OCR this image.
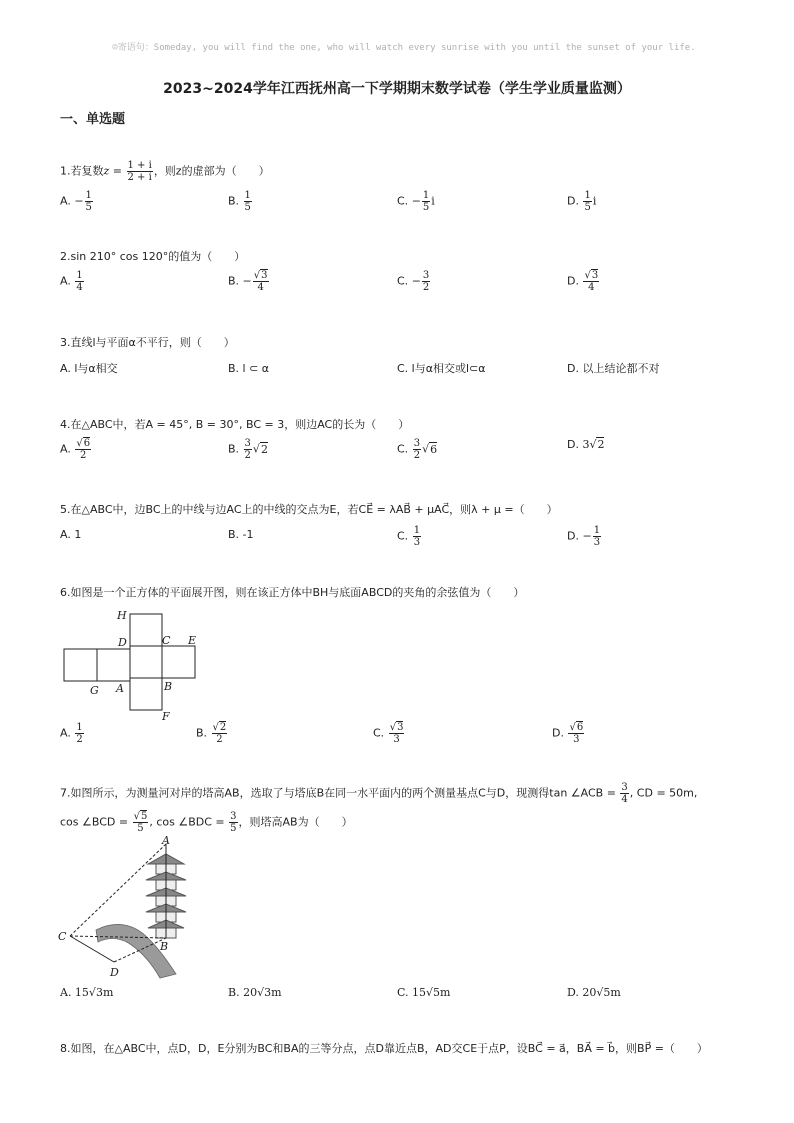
☺寄语句：Someday, you will find the one, who will watch every sunrise with you until the sunset of your life.
2023~2024学年江西抚州高一下学期期末数学试卷（学生学业质量监测）
一、单选题
1.若复数$z = \frac{1 + i}{2 + i}$ ，则z的虚部为（　　）
A. − $\frac{1}{5}$	B. $\frac{1}{5}$	C. − $\frac{1}{5}$ i	D. $\frac{1}{5}$ i
2.sin 210° cos 120°的值为（　　）
A. $\frac{1}{4}$	B. − $\frac{√3}{4}$	C. − $\frac{3}{2}$	D. $\frac{√3}{4}$
3.直线l与平面α不平行，则（　　）
A. l与α相交	B. l ⊂ α	C. l与α相交或l⊂α	D. 以上结论都不对
4.在△ABC中，若A = 45°, B = 30°, BC = 3，则边AC的长为（　　）
A. $\frac{√6}{2}$	B. $\frac{3}{2} √2$	C. $\frac{3}{2} √6$	D. 3√2
5.在△ABC中，边BC上的中线与边AC上的中线的交点为E，若CE⃗ = λAB⃗ + μAC⃗，则λ + μ =（　　）
A. 1	B. -1	C. $\frac{1}{3}$	D. − $\frac{1}{3}$
6.如图是一个正方体的平面展开图，则在该正方体中BH与底面ABCD的夹角的余弦值为（　　）
H
D	C E
G A	B
F
A. $\frac{1}{2}$	B. $\frac{√2}{2}$	C. $\frac{√3}{3}$	D. $\frac{√6}{3}$
7.如图所示，为测量河对岸的塔高AB，选取了与塔底B在同一水平面内的两个测量基点C与D，现测得tan ∠ACB = $\frac{3}{4}$ , CD = 50m,
cos ∠BCD = $\frac{√5}{5}$ , cos ∠BDC = $\frac{3}{5}$ ，则塔高AB为（　　）
A
B
C
D
A. 15√3m	B. 20√3m	C. 15√5m	D. 20√5m
8.如图，在△ABC中，点D，D，E分别为BC和BA的三等分点，点D靠近点B，AD交CE于点P，设BC⃗ = a⃗，BA⃗ = b⃗，则BP⃗ =（　　）
